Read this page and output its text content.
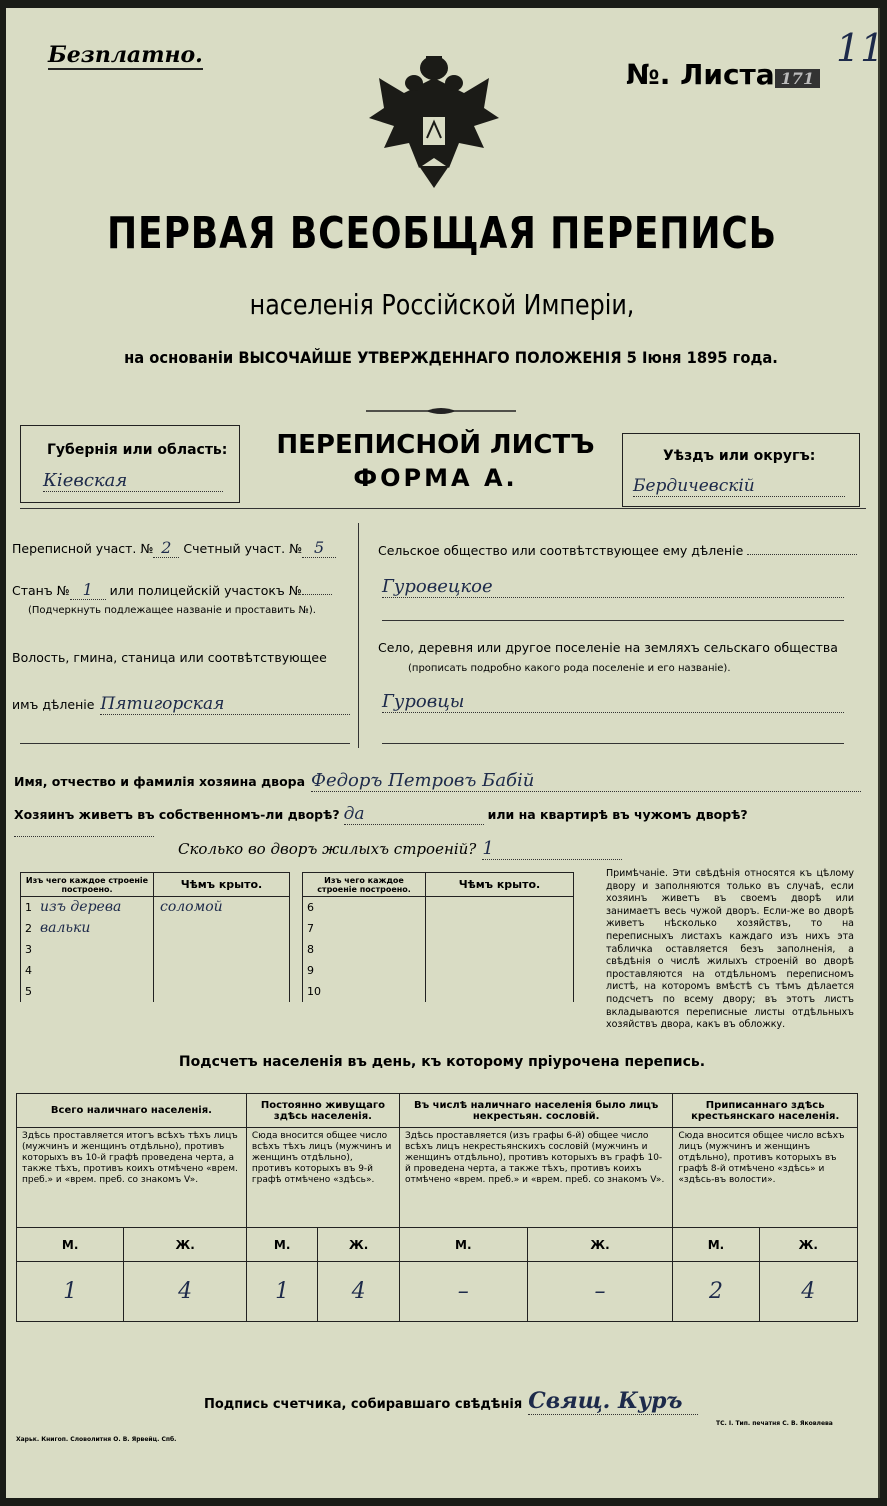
Безплатно.
№. Листа 171
11
ПЕРВАЯ ВСЕОБЩАЯ ПЕРЕПИСЬ
населенія Россійской Имперіи,
на основаніи ВЫСОЧАЙШЕ УТВЕРЖДЕННАГО ПОЛОЖЕНІЯ 5 Іюня 1895 года.
Губернія или область:
Кіевская
ПЕРЕПИСНОЙ ЛИСТЪ
ФОРМА А.
Уѣздъ или округъ:
Бердичевскій
Переписной участ. № 2 Счетный участ. № 5
Станъ № 1 или полицейскій участокъ №
(Подчеркнуть подлежащее названіе и проставить №).
Волость, гмина, станица или соотвѣтствующее
имъ дѣленіе Пятигорская
Сельское общество или соотвѣтствующее ему дѣленіе
Гуровецкое
Село, деревня или другое поселеніе на земляхъ сельскаго общества
(прописать подробно какого рода поселеніе и его названіе).
Гуровцы
Имя, отчество и фамилія хозяина двора Федоръ Петровъ Бабій
Хозяинъ живетъ въ собственномъ-ли дворѣ? да	или на квартирѣ въ чужомъ дворѣ?
Сколько во дворъ жилыхъ строеній? 1
Изъ чего каждое строеніе построено.	Чѣмъ крыто.
1 изъ дерева	соломой
2 вальки	
3	
4	
5	
Изъ чего каждое строеніе построено.	Чѣмъ крыто.
6	
7	
8	
9	
10	
Примѣчаніе. Эти свѣдѣнія относятся къ цѣлому двору и заполняются только въ случаѣ, если хозяинъ живетъ въ своемъ дворѣ или занимаетъ весь чужой дворъ. Если-же во дворѣ живетъ нѣсколько хозяйствъ, то на переписныхъ листахъ каждаго изъ нихъ эта табличка оставляется безъ заполненія, а свѣдѣнія о числѣ жилыхъ строеній во дворѣ проставляются на отдѣльномъ переписномъ листѣ, на которомъ вмѣстѣ съ тѣмъ дѣлается подсчетъ по всему двору; въ этотъ листъ вкладываются переписные листы отдѣльныхъ хозяйствъ двора, какъ въ обложку.
Подсчетъ населенія въ день, къ которому пріурочена перепись.
Всего наличнаго населенія.		Постоянно живущаго здѣсь населенія.		Въ числѣ наличнаго населенія было лицъ некрестьян. сословій.		Приписаннаго здѣсь крестьянскаго населенія.	
Здѣсь проставляется итогъ всѣхъ тѣхъ лицъ (мужчинъ и женщинъ отдѣльно), противъ которыхъ въ 10-й графѣ проведена черта, а также тѣхъ, противъ коихъ отмѣчено «врем. преб.» и «врем. преб. со знакомъ V».		Сюда вносится общее число всѣхъ тѣхъ лицъ (мужчинъ и женщинъ отдѣльно), противъ которыхъ въ 9-й графѣ отмѣчено «здѣсь».		Здѣсь проставляется (изъ графы 6-й) общее число всѣхъ лицъ некрестьянскихъ сословій (мужчинъ и женщинъ отдѣльно), противъ которыхъ въ графѣ 10-й проведена черта, а также тѣхъ, противъ коихъ отмѣчено «врем. преб.» и «врем. преб. со знакомъ V».		Сюда вносится общее число всѣхъ лицъ (мужчинъ и женщинъ отдѣльно), противъ которыхъ въ графѣ 8-й отмѣчено «здѣсь» и «здѣсь-въ волости».	
М.	Ж.	М.	Ж.	М.	Ж.	М.	Ж.
1	4	1	4	–	–	2	4
Подпись счетчика, собиравшаго свѣдѣнія Свящ. Куръ
Харьк. Книгоп. Словолитня О. В. Ярвейц. Спб.
ТС. І. Тип. печатня С. В. Яковлева
